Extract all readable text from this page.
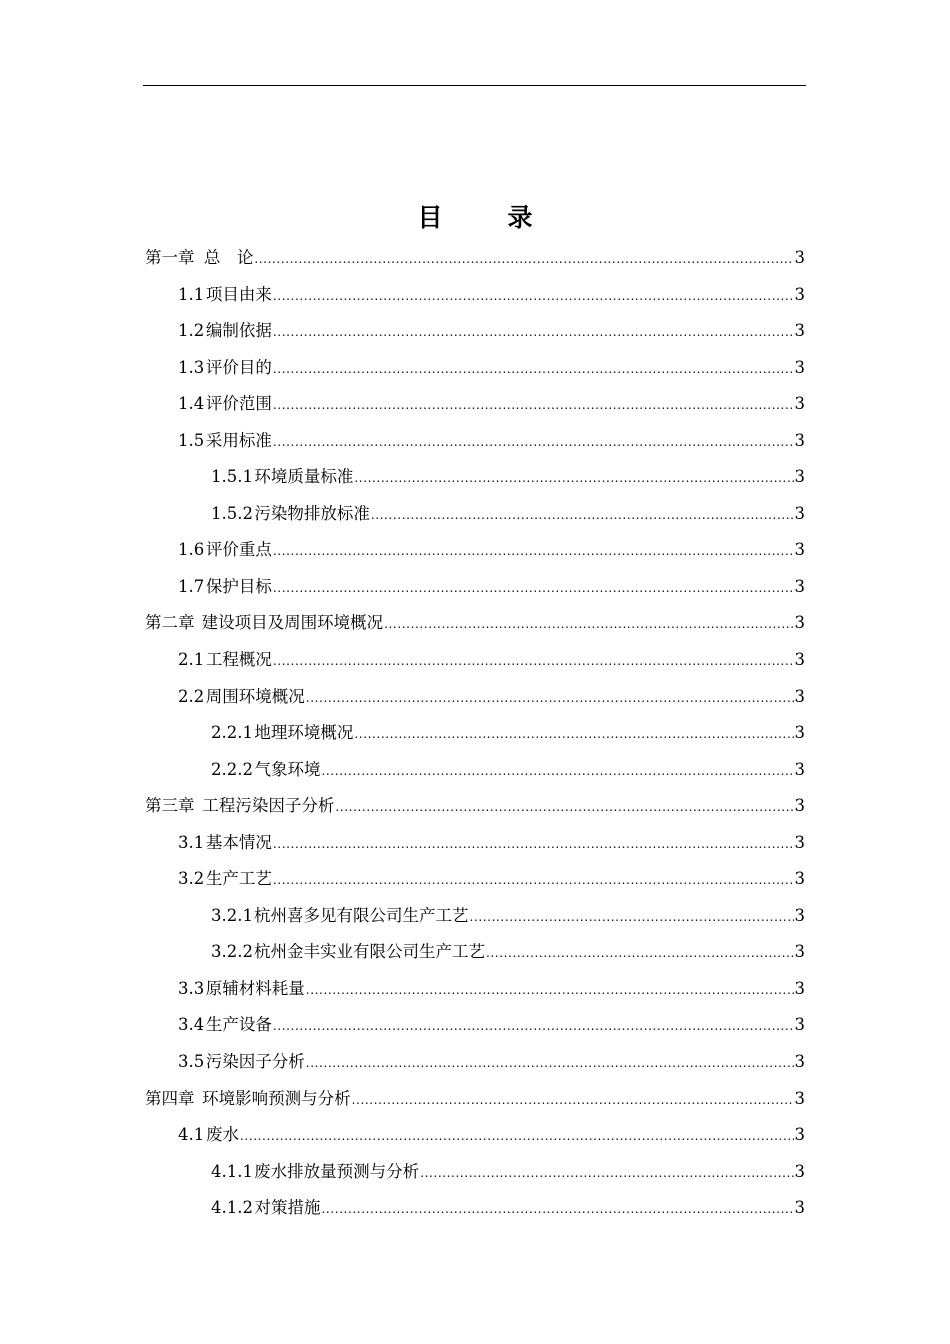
目　录
第一章 总　论 .....	3
1.1 项目由来 .....	3
1.2 编制依据 .....	3
1.3 评价目的 .....	3
1.4 评价范围 .....	3
1.5 采用标准 .....	3
1.5.1 环境质量标准 .....	3
1.5.2 污染物排放标准 .....	3
1.6 评价重点 .....	3
1.7 保护目标 .....	3
第二章 建设项目及周围环境概况 .....	3
2.1 工程概况 .....	3
2.2 周围环境概况 .....	3
2.2.1 地理环境概况 .....	3
2.2.2 气象环境 .....	3
第三章 工程污染因子分析 .....	3
3.1 基本情况 .....	3
3.2 生产工艺 .....	3
3.2.1 杭州喜多见有限公司生产工艺 .....	3
3.2.2 杭州金丰实业有限公司生产工艺 .....	3
3.3 原辅材料耗量 .....	3
3.4 生产设备 .....	3
3.5 污染因子分析 .....	3
第四章 环境影响预测与分析 .....	3
4.1 废水 .....	3
4.1.1 废水排放量预测与分析 .....	3
4.1.2 对策措施 .....	3
